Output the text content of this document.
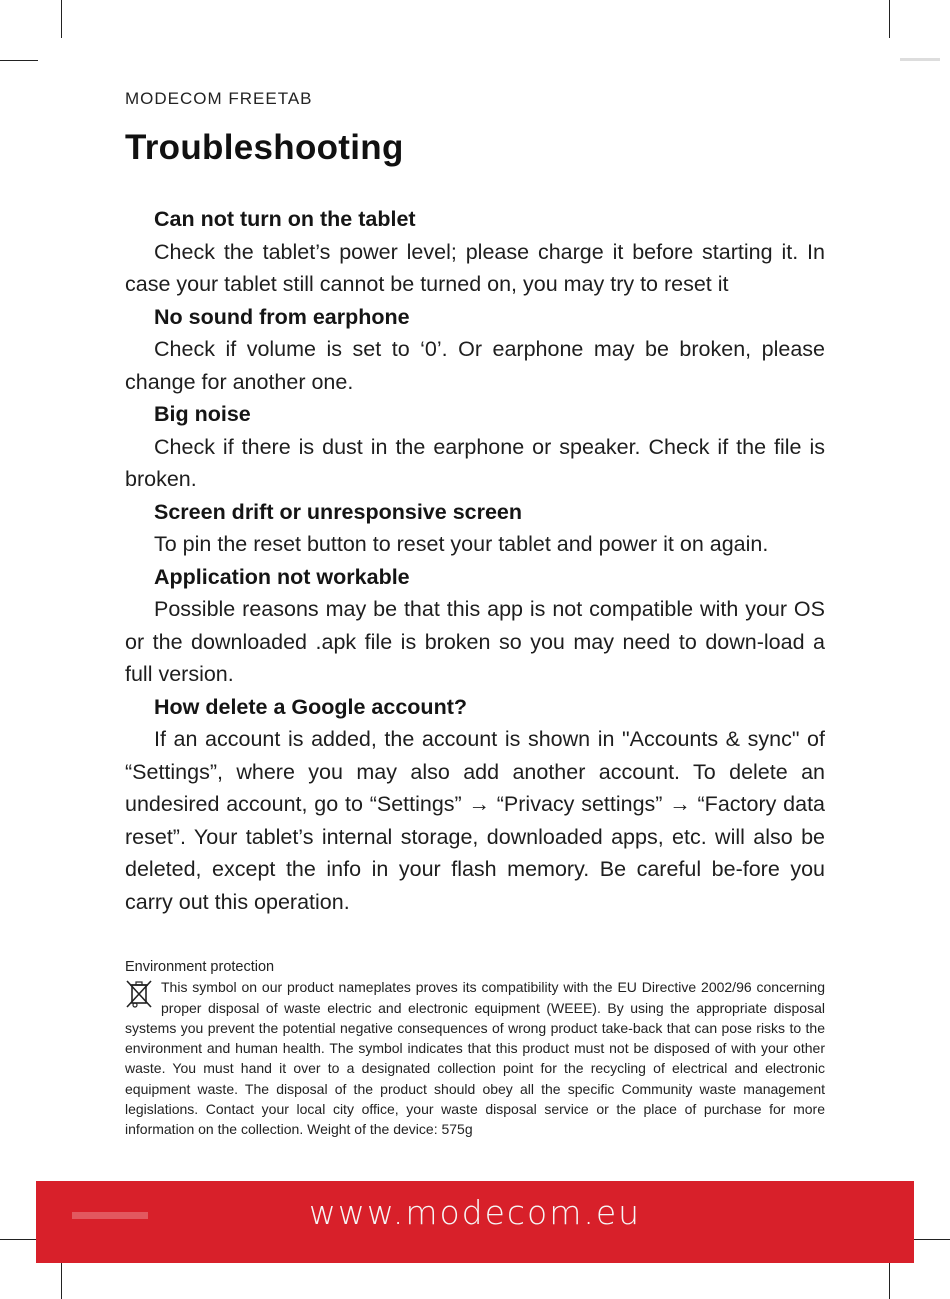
MODECOM FREETAB
Troubleshooting

Can not turn on the tablet

Check the tablet’s power level; please charge it before starting it. In case your tablet still cannot be turned on, you may try to reset it

No sound from earphone

Check if volume is set to ‘0’. Or earphone may be broken, please change for another one.

Big noise

Check if there is dust in the earphone or speaker. Check if the file is broken.

Screen drift or unresponsive screen

To pin the reset button to reset your tablet and power it on again.

Application not workable

Possible reasons may be that this app is not compatible with your OS or the downloaded .apk file is broken so you may need to down-load a full version.

How delete a Google account?

If an account is added, the account is shown in "Accounts & sync" of “Settings”, where you may also add another account. To delete an undesired account, go to “Settings” → “Privacy settings” → “Factory data reset”. Your tablet’s internal storage, downloaded apps, etc. will also be deleted, except the info in your flash memory. Be careful be-fore you carry out this operation.

Environment protection

This symbol on our product nameplates proves its compatibility with the EU Directive 2002/96 concerning proper disposal of waste electric and electronic equipment (WEEE). By using the appropriate disposal systems you prevent the potential negative consequences of wrong product take-back that can pose risks to the environment and human health. The symbol indicates that this product must not be disposed of with your other waste. You must hand it over to a designated collection point for the recycling of electrical and electronic equipment waste. The disposal of the product should obey all the specific Community waste management legislations. Contact your local city office, your waste disposal service or the place of purchase for more information on the collection. Weight of the device: 575g

www.modecom.eu
